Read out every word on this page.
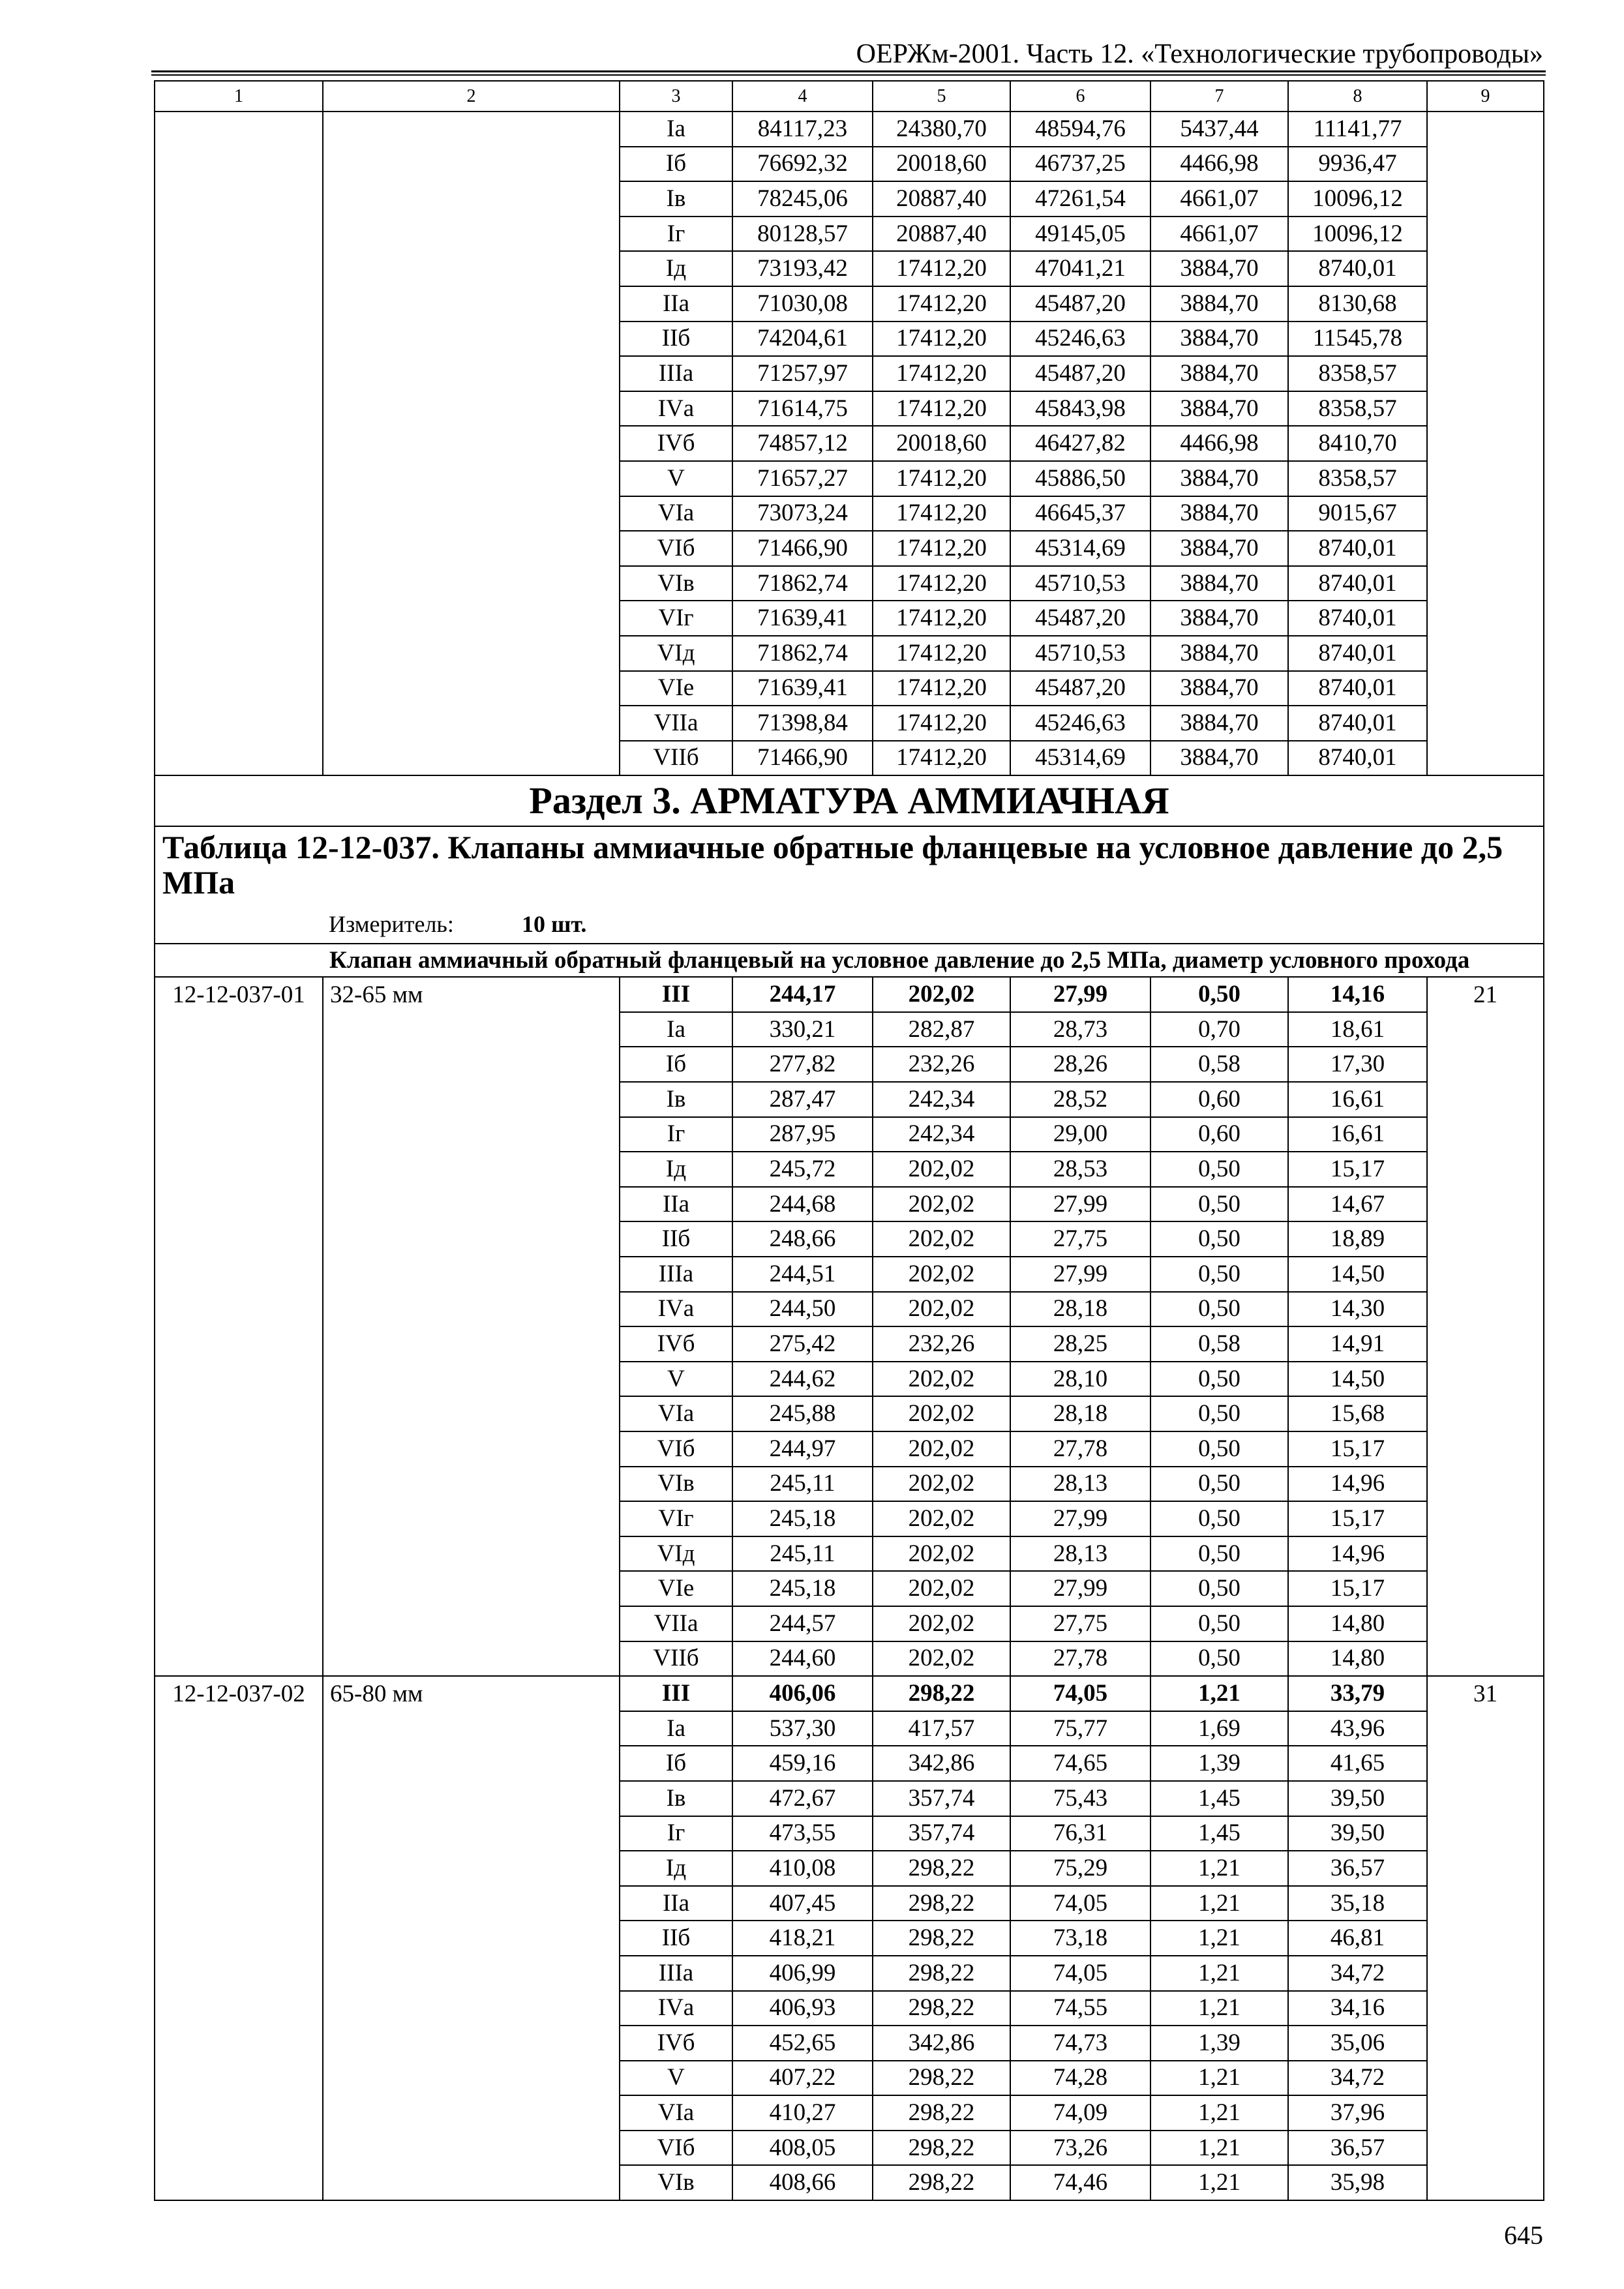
ОЕРЖм-2001. Часть 12. «Технологические трубопроводы»
1	2	3	4	5	6	7	8	9
		Iа	84117,23	24380,70	48594,76	5437,44	11141,77	
		Iб	76692,32	20018,60	46737,25	4466,98	9936,47	
		Iв	78245,06	20887,40	47261,54	4661,07	10096,12	
		Iг	80128,57	20887,40	49145,05	4661,07	10096,12	
		Iд	73193,42	17412,20	47041,21	3884,70	8740,01	
		IIа	71030,08	17412,20	45487,20	3884,70	8130,68	
		IIб	74204,61	17412,20	45246,63	3884,70	11545,78	
		IIIа	71257,97	17412,20	45487,20	3884,70	8358,57	
		IVа	71614,75	17412,20	45843,98	3884,70	8358,57	
		IVб	74857,12	20018,60	46427,82	4466,98	8410,70	
		V	71657,27	17412,20	45886,50	3884,70	8358,57	
		VIа	73073,24	17412,20	46645,37	3884,70	9015,67	
		VIб	71466,90	17412,20	45314,69	3884,70	8740,01	
		VIв	71862,74	17412,20	45710,53	3884,70	8740,01	
		VIг	71639,41	17412,20	45487,20	3884,70	8740,01	
		VIд	71862,74	17412,20	45710,53	3884,70	8740,01	
		VIе	71639,41	17412,20	45487,20	3884,70	8740,01	
		VIIа	71398,84	17412,20	45246,63	3884,70	8740,01	
		VIIб	71466,90	17412,20	45314,69	3884,70	8740,01	
Раздел 3. АРМАТУРА АММИАЧНАЯ								

Таблица 12-12-037. Клапаны аммиачные обратные фланцевые на условное давление до 2,5 МПа
Измеритель: 10 шт.								

Клапан аммиачный обратный фланцевый на условное давление до 2,5 МПа, диаметр условного прохода								
12-12-037-01	32-65 мм	III	244,17	202,02	27,99	0,50	14,16	21
		Iа	330,21	282,87	28,73	0,70	18,61	
		Iб	277,82	232,26	28,26	0,58	17,30	
		Iв	287,47	242,34	28,52	0,60	16,61	
		Iг	287,95	242,34	29,00	0,60	16,61	
		Iд	245,72	202,02	28,53	0,50	15,17	
		IIа	244,68	202,02	27,99	0,50	14,67	
		IIб	248,66	202,02	27,75	0,50	18,89	
		IIIа	244,51	202,02	27,99	0,50	14,50	
		IVа	244,50	202,02	28,18	0,50	14,30	
		IVб	275,42	232,26	28,25	0,58	14,91	
		V	244,62	202,02	28,10	0,50	14,50	
		VIа	245,88	202,02	28,18	0,50	15,68	
		VIб	244,97	202,02	27,78	0,50	15,17	
		VIв	245,11	202,02	28,13	0,50	14,96	
		VIг	245,18	202,02	27,99	0,50	15,17	
		VIд	245,11	202,02	28,13	0,50	14,96	
		VIе	245,18	202,02	27,99	0,50	15,17	
		VIIа	244,57	202,02	27,75	0,50	14,80	
		VIIб	244,60	202,02	27,78	0,50	14,80	
12-12-037-02	65-80 мм	III	406,06	298,22	74,05	1,21	33,79	31
		Iа	537,30	417,57	75,77	1,69	43,96	
		Iб	459,16	342,86	74,65	1,39	41,65	
		Iв	472,67	357,74	75,43	1,45	39,50	
		Iг	473,55	357,74	76,31	1,45	39,50	
		Iд	410,08	298,22	75,29	1,21	36,57	
		IIа	407,45	298,22	74,05	1,21	35,18	
		IIб	418,21	298,22	73,18	1,21	46,81	
		IIIа	406,99	298,22	74,05	1,21	34,72	
		IVа	406,93	298,22	74,55	1,21	34,16	
		IVб	452,65	342,86	74,73	1,39	35,06	
		V	407,22	298,22	74,28	1,21	34,72	
		VIа	410,27	298,22	74,09	1,21	37,96	
		VIб	408,05	298,22	73,26	1,21	36,57	
		VIв	408,66	298,22	74,46	1,21	35,98	
645
